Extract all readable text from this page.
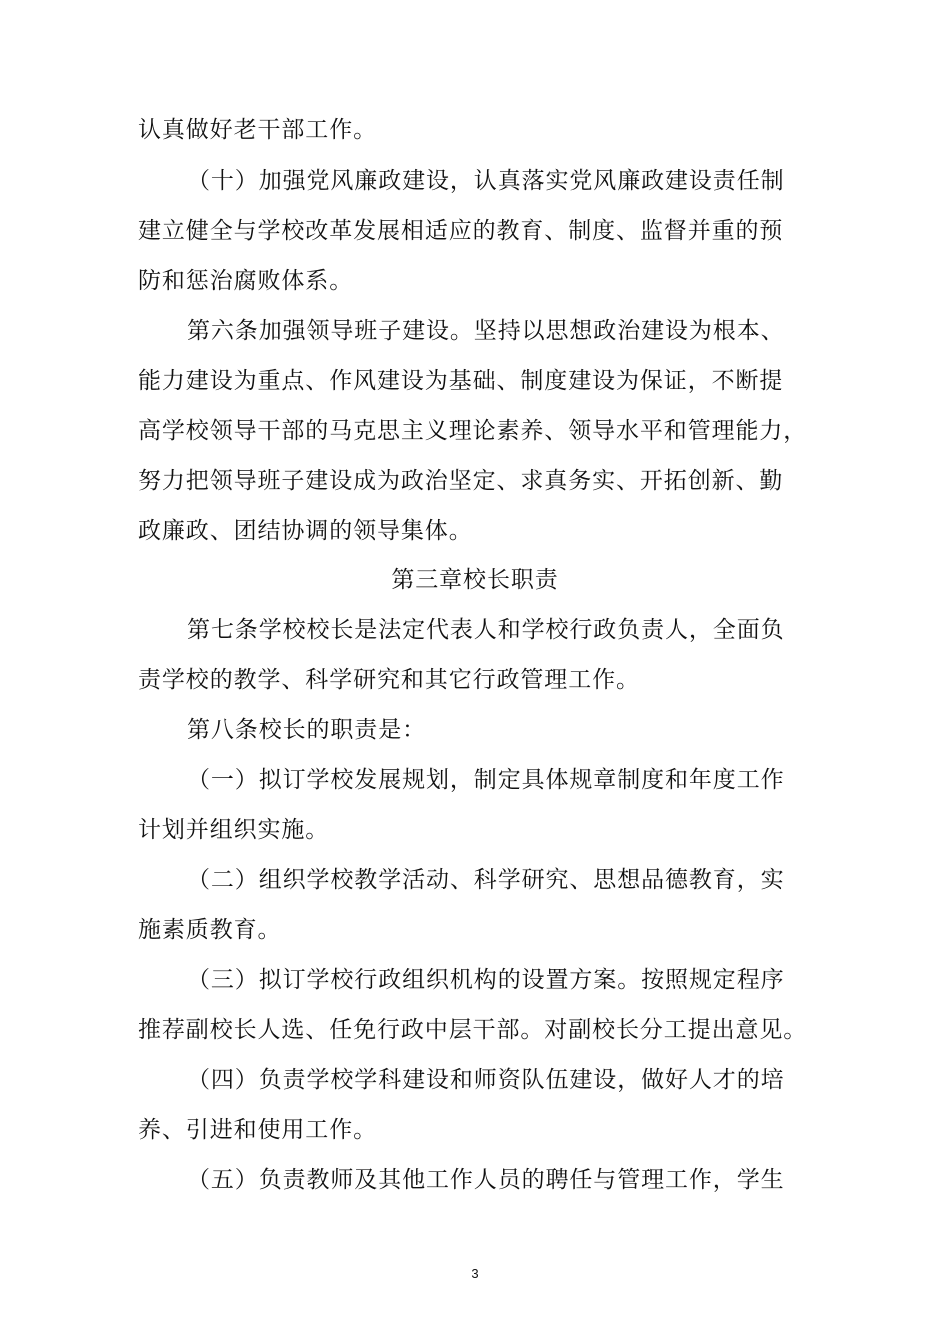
认真做好老干部工作。
（十）加强党风廉政建设，认真落实党风廉政建设责任制
建立健全与学校改革发展相适应的教育、制度、监督并重的预
防和惩治腐败体系。
第六条加强领导班子建设。坚持以思想政治建设为根本、
能力建设为重点、作风建设为基础、制度建设为保证，不断提
高学校领导干部的马克思主义理论素养、领导水平和管理能力，
努力把领导班子建设成为政治坚定、求真务实、开拓创新、勤
政廉政、团结协调的领导集体。
第三章校长职责
第七条学校校长是法定代表人和学校行政负责人，全面负
责学校的教学、科学研究和其它行政管理工作。
第八条校长的职责是：
（一）拟订学校发展规划，制定具体规章制度和年度工作
计划并组织实施。
（二）组织学校教学活动、科学研究、思想品德教育，实
施素质教育。
（三）拟订学校行政组织机构的设置方案。按照规定程序
推荐副校长人选、任免行政中层干部。对副校长分工提出意见。
（四）负责学校学科建设和师资队伍建设，做好人才的培
养、引进和使用工作。
（五）负责教师及其他工作人员的聘任与管理工作，学生
3
